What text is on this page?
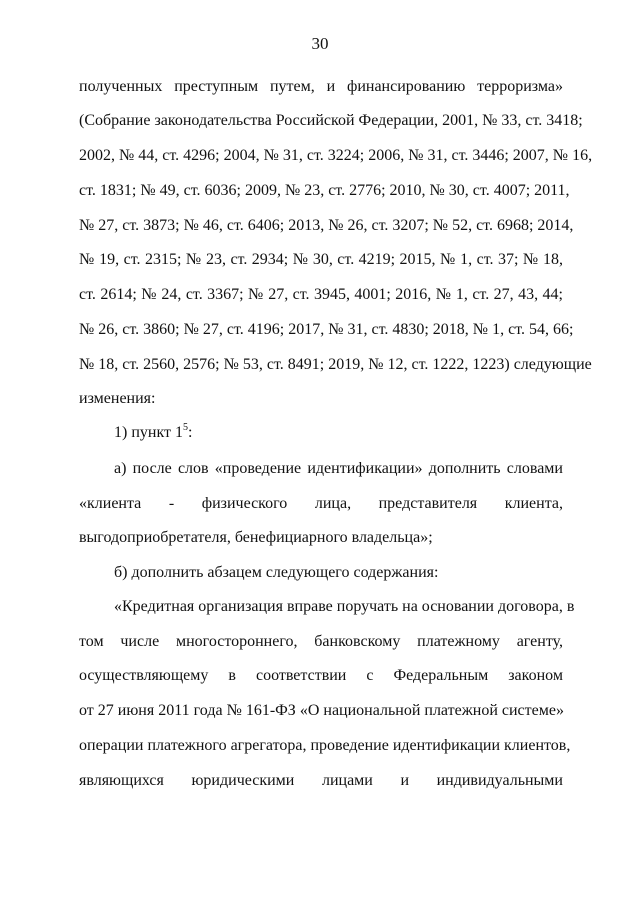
30
полученных преступным путем, и финансированию терроризма»
(Собрание законодательства Российской Федерации, 2001, № 33, ст. 3418;
2002, № 44, ст. 4296; 2004, № 31, ст. 3224; 2006, № 31, ст. 3446; 2007, № 16,
ст. 1831; № 49, ст. 6036; 2009, № 23, ст. 2776; 2010, № 30, ст. 4007; 2011,
№ 27, ст. 3873; № 46, ст. 6406; 2013, № 26, ст. 3207; № 52, ст. 6968; 2014,
№ 19, ст. 2315; № 23, ст. 2934; № 30, ст. 4219; 2015, № 1, ст. 37; № 18,
ст. 2614; № 24, ст. 3367; № 27, ст. 3945, 4001; 2016, № 1, ст. 27, 43, 44;
№ 26, ст. 3860; № 27, ст. 4196; 2017, № 31, ст. 4830; 2018, № 1, ст. 54, 66;
№ 18, ст. 2560, 2576; № 53, ст. 8491; 2019, № 12, ст. 1222, 1223) следующие
изменения:
1) пункт $1^5$:
а) после слов «проведение идентификации» дополнить словами
«клиента - физического лица, представителя клиента,
выгодоприобретателя, бенефициарного владельца»;
б) дополнить абзацем следующего содержания:
«Кредитная организация вправе поручать на основании договора, в
том числе многостороннего, банковскому платежному агенту,
осуществляющему в соответствии с Федеральным законом
от 27 июня 2011 года № 161-ФЗ «О национальной платежной системе»
операции платежного агрегатора, проведение идентификации клиентов,
являющихся юридическими лицами и индивидуальными
